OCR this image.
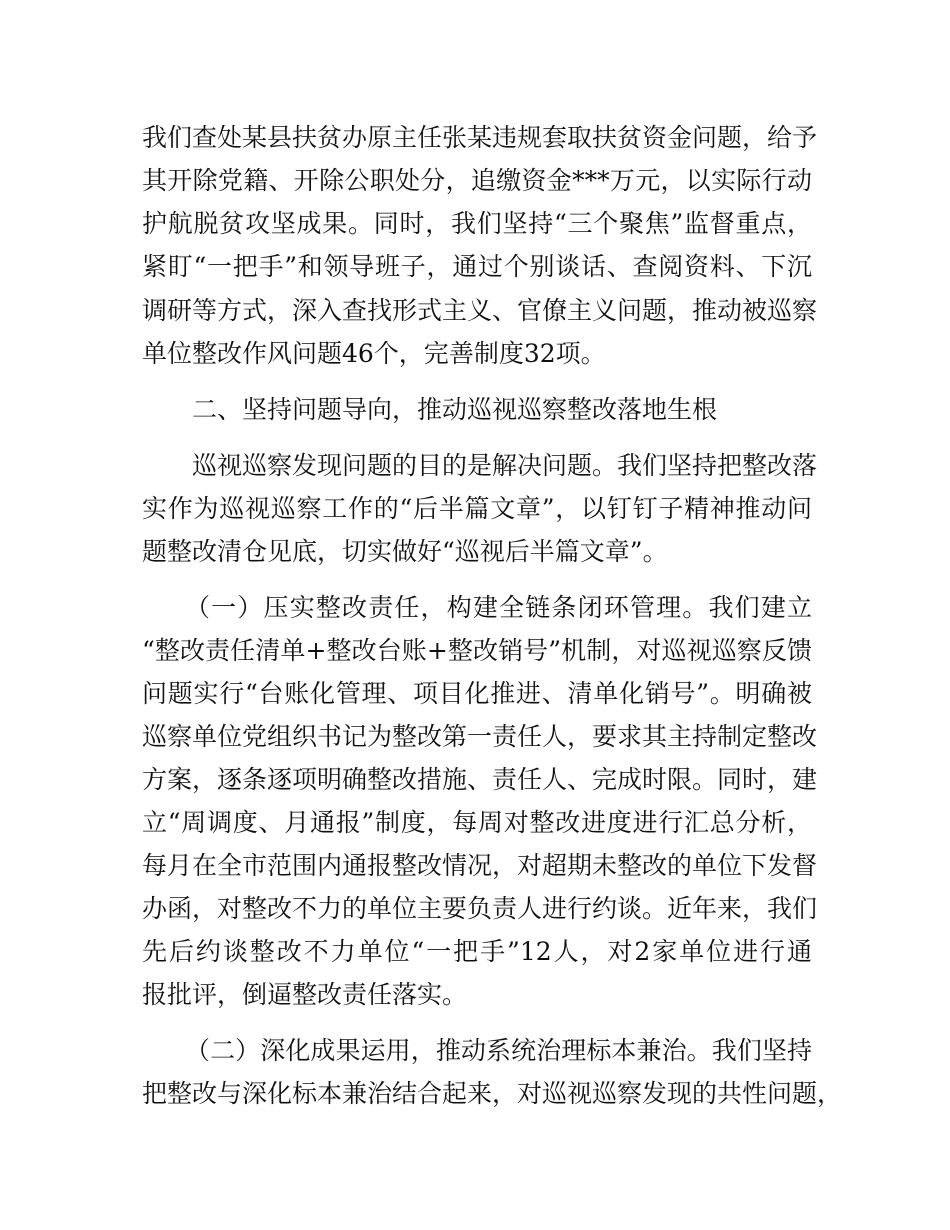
我们查处某县扶贫办原主任张某违规套取扶贫资金问题，给予
其开除党籍、开除公职处分，追缴资金***万元，以实际行动
护航脱贫攻坚成果。同时，我们坚持“三个聚焦”监督重点，
紧盯“一把手”和领导班子，通过个别谈话、查阅资料、下沉
调研等方式，深入查找形式主义、官僚主义问题，推动被巡察
单位整改作风问题46个，完善制度32项。
二、坚持问题导向，推动巡视巡察整改落地生根
巡视巡察发现问题的目的是解决问题。我们坚持把整改落
实作为巡视巡察工作的“后半篇文章”，以钉钉子精神推动问
题整改清仓见底，切实做好“巡视后半篇文章”。
（一）压实整改责任，构建全链条闭环管理。我们建立
“整改责任清单+整改台账+整改销号”机制，对巡视巡察反馈
问题实行“台账化管理、项目化推进、清单化销号”。明确被
巡察单位党组织书记为整改第一责任人，要求其主持制定整改
方案，逐条逐项明确整改措施、责任人、完成时限。同时，建
立“周调度、月通报”制度，每周对整改进度进行汇总分析，
每月在全市范围内通报整改情况，对超期未整改的单位下发督
办函，对整改不力的单位主要负责人进行约谈。近年来，我们
先后约谈整改不力单位“一把手”12人，对2家单位进行通
报批评，倒逼整改责任落实。
（二）深化成果运用，推动系统治理标本兼治。我们坚持
把整改与深化标本兼治结合起来，对巡视巡察发现的共性问题，
